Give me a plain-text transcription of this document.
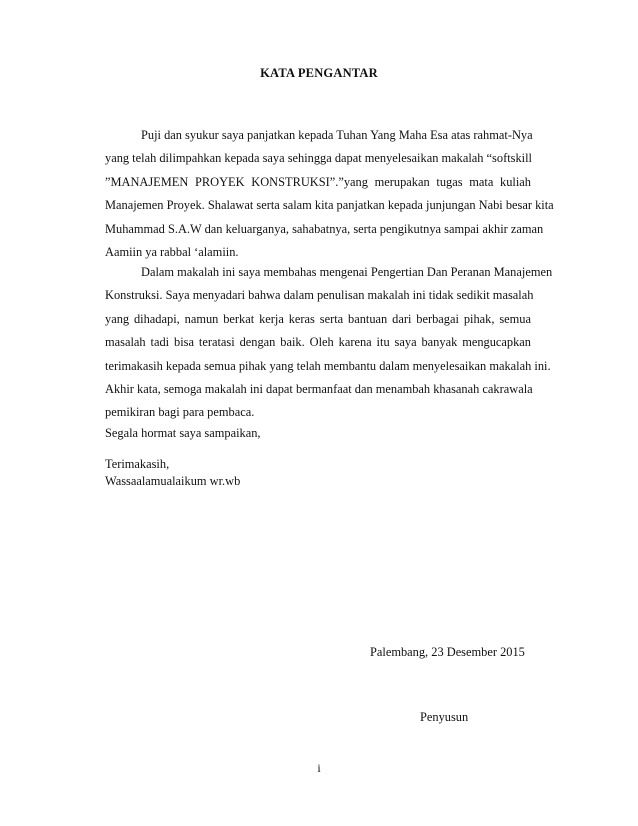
KATA PENGANTAR
Puji dan syukur saya panjatkan kepada Tuhan Yang Maha Esa atas rahmat-Nya
yang telah dilimpahkan kepada saya sehingga dapat menyelesaikan makalah “softskill
”MANAJEMEN PROYEK KONSTRUKSI”.”yang merupakan tugas mata kuliah
Manajemen Proyek. Shalawat serta salam kita panjatkan kepada junjungan Nabi besar kita
Muhammad S.A.W dan keluarganya, sahabatnya, serta pengikutnya sampai akhir zaman
Aamiin ya rabbal ‘alamiin.
Dalam makalah ini saya membahas mengenai Pengertian Dan Peranan Manajemen
Konstruksi. Saya menyadari bahwa dalam penulisan makalah ini tidak sedikit masalah
yang dihadapi, namun berkat kerja keras serta bantuan dari berbagai pihak, semua
masalah tadi bisa teratasi dengan baik. Oleh karena itu saya banyak mengucapkan
terimakasih kepada semua pihak yang telah membantu dalam menyelesaikan makalah ini.
Akhir kata, semoga makalah ini dapat bermanfaat dan menambah khasanah cakrawala
pemikiran bagi para pembaca.
Segala hormat saya sampaikan,
Terimakasih,
Wassaalamualaikum wr.wb
Palembang, 23 Desember 2015
Penyusun
i
